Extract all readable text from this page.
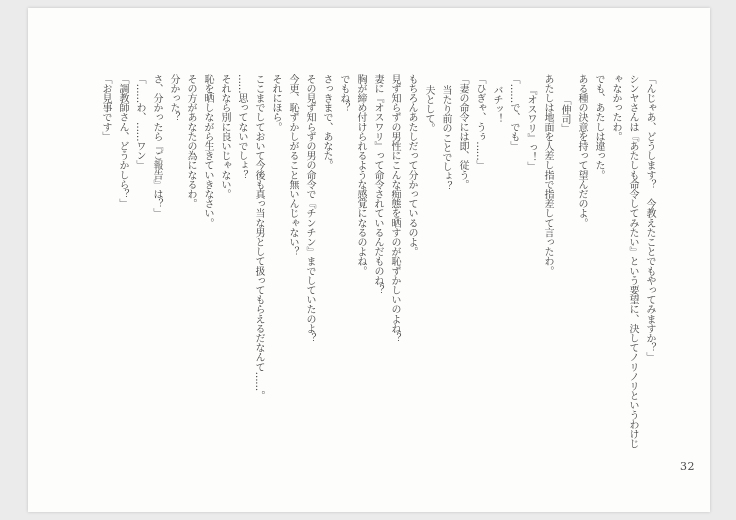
「んじゃあ、どうします？　今教えたことでもやってみますか？」
シンヤさんは『あたしも命令してみたい』という要望に、決してノリノリというわけじ
ゃなかったわ。
でも、あたしは違った。
ある種の決意を持って望んだのよ。
「伸司」
あたしは地面を人差し指で指差して言ったわ。
『オスワリ』っ！」
「……で、でも」
バチッ！
「ひぎゃ、うぅ……」
「妻の命令には即、従う。
当たり前のことでしょ？
夫として。
もちろんあたしだって分かっているのよ。
見ず知らずの男性にこんな痴態を晒すのが恥ずかしいのよね？
妻に『オスワリ』って命令されているんだものね？
胸が締め付けられるような感覚になるのよね。
でもね？
さっきまで、あなた。
その見ず知らずの男の命令で『チンチン』までしていたのよ？
今更、恥ずかしがること無いんじゃない？
それにほら。
ここまでしておいて今後も真っ当な男として扱ってもらえるだなんて……。
……思ってないでしょ？
それなら別に良いじゃない。
恥を晒しながら生きていきなさい。
その方があなたの為になるわ。
分かった？
さ、分かったら『ご報告』は？」
「……わ、……ワン」
「調教師さん、どうかしら？」
「お見事です」
32
